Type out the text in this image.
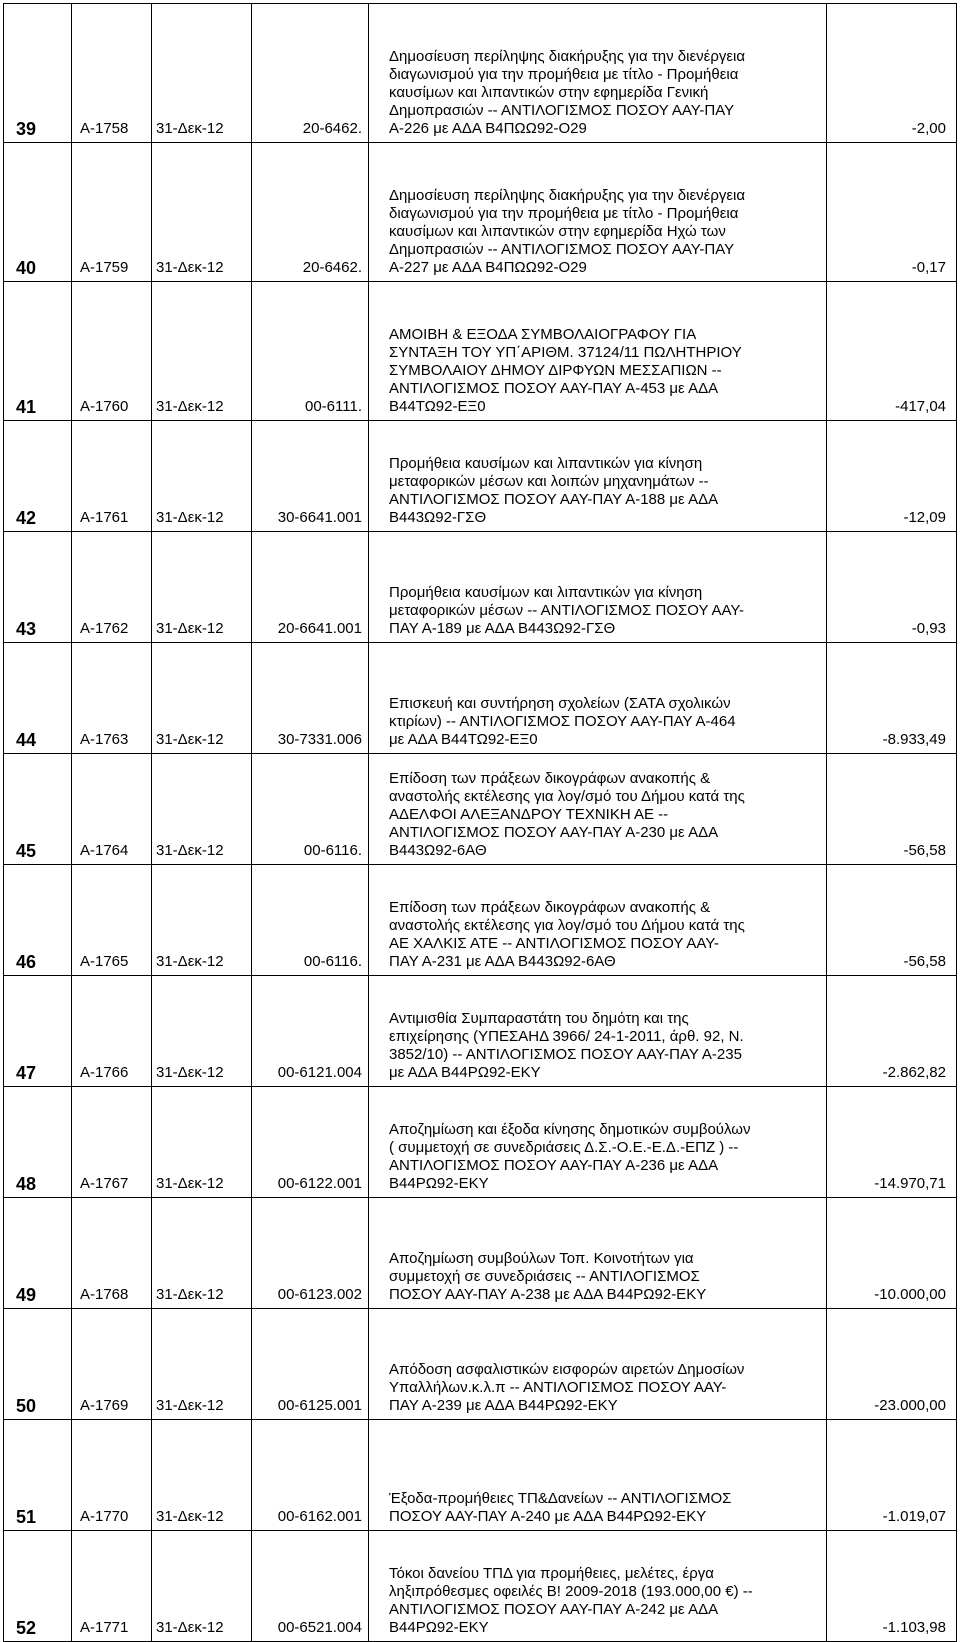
39	Α-1758	31-Δεκ-12	20-6462.	Δημοσίευση περίληψης διακήρυξης για την διενέργεια
διαγωνισμού για την προμήθεια με τίτλο - Προμήθεια
καυσίμων και λιπαντικών στην εφημερίδα Γενική
Δημοπρασιών -- ΑΝΤΙΛΟΓΙΣΜΟΣ ΠΟΣΟΥ ΑΑΥ-ΠΑΥ
Α-226 με ΑΔΑ Β4ΠΩΩ92-Ο29	-2,00
40	Α-1759	31-Δεκ-12	20-6462.	Δημοσίευση περίληψης διακήρυξης για την διενέργεια
διαγωνισμού για την προμήθεια με τίτλο - Προμήθεια
καυσίμων και λιπαντικών στην εφημερίδα Ηχώ των
Δημοπρασιών -- ΑΝΤΙΛΟΓΙΣΜΟΣ ΠΟΣΟΥ ΑΑΥ-ΠΑΥ
Α-227 με ΑΔΑ Β4ΠΩΩ92-Ο29	-0,17
41	Α-1760	31-Δεκ-12	00-6111.	ΑΜΟΙΒΗ & ΕΞΟΔΑ ΣΥΜΒΟΛΑΙΟΓΡΑΦΟΥ ΓΙΑ
ΣΥΝΤΑΞΗ ΤΟΥ ΥΠ΄ΑΡΙΘΜ. 37124/11 ΠΩΛΗΤΗΡΙΟΥ
ΣΥΜΒΟΛΑΙΟΥ ΔΗΜΟΥ ΔΙΡΦΥΩΝ ΜΕΣΣΑΠΙΩΝ --
ΑΝΤΙΛΟΓΙΣΜΟΣ ΠΟΣΟΥ ΑΑΥ-ΠΑΥ Α-453 με ΑΔΑ
Β44ΤΩ92-ΕΞ0	-417,04
42	Α-1761	31-Δεκ-12	30-6641.001	Προμήθεια καυσίμων και λιπαντικών για κίνηση
μεταφορικών μέσων και λοιπών μηχανημάτων --
ΑΝΤΙΛΟΓΙΣΜΟΣ ΠΟΣΟΥ ΑΑΥ-ΠΑΥ Α-188 με ΑΔΑ
Β443Ω92-ΓΣΘ	-12,09
43	Α-1762	31-Δεκ-12	20-6641.001	Προμήθεια καυσίμων και λιπαντικών για κίνηση
μεταφορικών μέσων -- ΑΝΤΙΛΟΓΙΣΜΟΣ ΠΟΣΟΥ ΑΑΥ-
ΠΑΥ Α-189 με ΑΔΑ Β443Ω92-ΓΣΘ	-0,93
44	Α-1763	31-Δεκ-12	30-7331.006	Επισκευή και συντήρηση σχολείων (ΣΑΤΑ σχολικών
κτιρίων) -- ΑΝΤΙΛΟΓΙΣΜΟΣ ΠΟΣΟΥ ΑΑΥ-ΠΑΥ Α-464
με ΑΔΑ Β44ΤΩ92-ΕΞ0	-8.933,49
45	Α-1764	31-Δεκ-12	00-6116.	Επίδοση των πράξεων δικογράφων ανακοπής &
αναστολής εκτέλεσης για λογ/σμό του Δήμου κατά της
ΑΔΕΛΦΟΙ ΑΛΕΞΑΝΔΡΟΥ ΤΕΧΝΙΚΗ ΑΕ --
ΑΝΤΙΛΟΓΙΣΜΟΣ ΠΟΣΟΥ ΑΑΥ-ΠΑΥ Α-230 με ΑΔΑ
Β443Ω92-6ΑΘ	-56,58
46	Α-1765	31-Δεκ-12	00-6116.	Επίδοση των πράξεων δικογράφων ανακοπής &
αναστολής εκτέλεσης για λογ/σμό του Δήμου κατά της
ΑΕ ΧΑΛΚΙΣ ΑΤΕ -- ΑΝΤΙΛΟΓΙΣΜΟΣ ΠΟΣΟΥ ΑΑΥ-
ΠΑΥ Α-231 με ΑΔΑ Β443Ω92-6ΑΘ	-56,58
47	Α-1766	31-Δεκ-12	00-6121.004	Αντιμισθία Συμπαραστάτη του δημότη και της
επιχείρησης (ΥΠΕΣΑΗΔ 3966/ 24-1-2011, άρθ. 92, Ν.
3852/10) -- ΑΝΤΙΛΟΓΙΣΜΟΣ ΠΟΣΟΥ ΑΑΥ-ΠΑΥ Α-235
με ΑΔΑ Β44ΡΩ92-ΕΚΥ	-2.862,82
48	Α-1767	31-Δεκ-12	00-6122.001	Αποζημίωση και έξοδα κίνησης δημοτικών συμβούλων
( συμμετοχή σε συνεδριάσεις Δ.Σ.-Ο.Ε.-Ε.Δ.-ΕΠΖ ) --
ΑΝΤΙΛΟΓΙΣΜΟΣ ΠΟΣΟΥ ΑΑΥ-ΠΑΥ Α-236 με ΑΔΑ
Β44ΡΩ92-ΕΚΥ	-14.970,71
49	Α-1768	31-Δεκ-12	00-6123.002	Αποζημίωση συμβούλων Τοπ. Κοινοτήτων για
συμμετοχή σε συνεδριάσεις -- ΑΝΤΙΛΟΓΙΣΜΟΣ
ΠΟΣΟΥ ΑΑΥ-ΠΑΥ Α-238 με ΑΔΑ Β44ΡΩ92-ΕΚΥ	-10.000,00
50	Α-1769	31-Δεκ-12	00-6125.001	Απόδοση ασφαλιστικών εισφορών αιρετών Δημοσίων
Υπαλλήλων.κ.λ.π -- ΑΝΤΙΛΟΓΙΣΜΟΣ ΠΟΣΟΥ ΑΑΥ-
ΠΑΥ Α-239 με ΑΔΑ Β44ΡΩ92-ΕΚΥ	-23.000,00
51	Α-1770	31-Δεκ-12	00-6162.001	Έξοδα-προμήθειες ΤΠ&Δανείων -- ΑΝΤΙΛΟΓΙΣΜΟΣ
ΠΟΣΟΥ ΑΑΥ-ΠΑΥ Α-240 με ΑΔΑ Β44ΡΩ92-ΕΚΥ	-1.019,07
52	Α-1771	31-Δεκ-12	00-6521.004	Τόκοι δανείου ΤΠΔ για προμήθειες, μελέτες, έργα
ληξιπρόθεσμες οφειλές Β! 2009-2018 (193.000,00 €) --
ΑΝΤΙΛΟΓΙΣΜΟΣ ΠΟΣΟΥ ΑΑΥ-ΠΑΥ Α-242 με ΑΔΑ
Β44ΡΩ92-ΕΚΥ	-1.103,98
